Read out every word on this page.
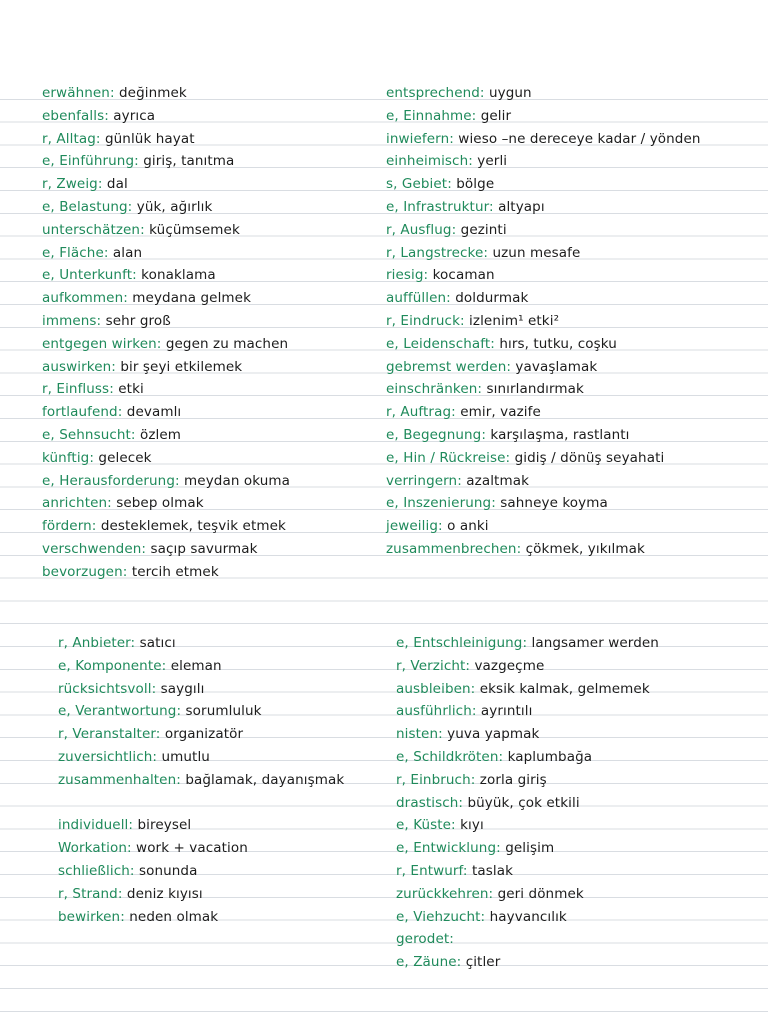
erwähnen: değinmek
ebenfalls: ayrıca
r, Alltag: günlük hayat
e, Einführung: giriş, tanıtma
r, Zweig: dal
e, Belastung: yük, ağırlık
unterschätzen: küçümsemek
e, Fläche: alan
e, Unterkunft: konaklama
aufkommen: meydana gelmek
immens: sehr groß
entgegen wirken: gegen zu machen
auswirken: bir şeyi etkilemek
r, Einfluss: etki
fortlaufend: devamlı
e, Sehnsucht: özlem
künftig: gelecek
e, Herausforderung: meydan okuma
anrichten: sebep olmak
fördern: desteklemek, teşvik etmek
verschwenden: saçıp savurmak
bevorzugen: tercih etmek
entsprechend: uygun
e, Einnahme: gelir
inwiefern: wieso –ne dereceye kadar / yönden
einheimisch: yerli
s, Gebiet: bölge
e, Infrastruktur: altyapı
r, Ausflug: gezinti
r, Langstrecke: uzun mesafe
riesig: kocaman
auffüllen: doldurmak
r, Eindruck: izlenim¹ etki²
e, Leidenschaft: hırs, tutku, coşku
gebremst werden: yavaşlamak
einschränken: sınırlandırmak
r, Auftrag: emir, vazife
e, Begegnung: karşılaşma, rastlantı
e, Hin / Rückreise: gidiş / dönüş seyahati
verringern: azaltmak
e, Inszenierung: sahneye koyma
jeweilig: o anki
zusammenbrechen: çökmek, yıkılmak
r, Anbieter: satıcı
e, Komponente: eleman
rücksichtsvoll: saygılı
e, Verantwortung: sorumluluk
r, Veranstalter: organizatör
zuversichtlich: umutlu
zusammenhalten: bağlamak, dayanışmak
individuell: bireysel
Workation: work + vacation
schließlich: sonunda
r, Strand: deniz kıyısı
bewirken: neden olmak
e, Entschleinigung: langsamer werden
r, Verzicht: vazgeçme
ausbleiben: eksik kalmak, gelmemek
ausführlich: ayrıntılı
nisten: yuva yapmak
e, Schildkröten: kaplumbağa
r, Einbruch: zorla giriş
drastisch: büyük, çok etkili
e, Küste: kıyı
e, Entwicklung: gelişim
r, Entwurf: taslak
zurückkehren: geri dönmek
e, Viehzucht: hayvancılık
gerodet:
e, Zäune: çitler
